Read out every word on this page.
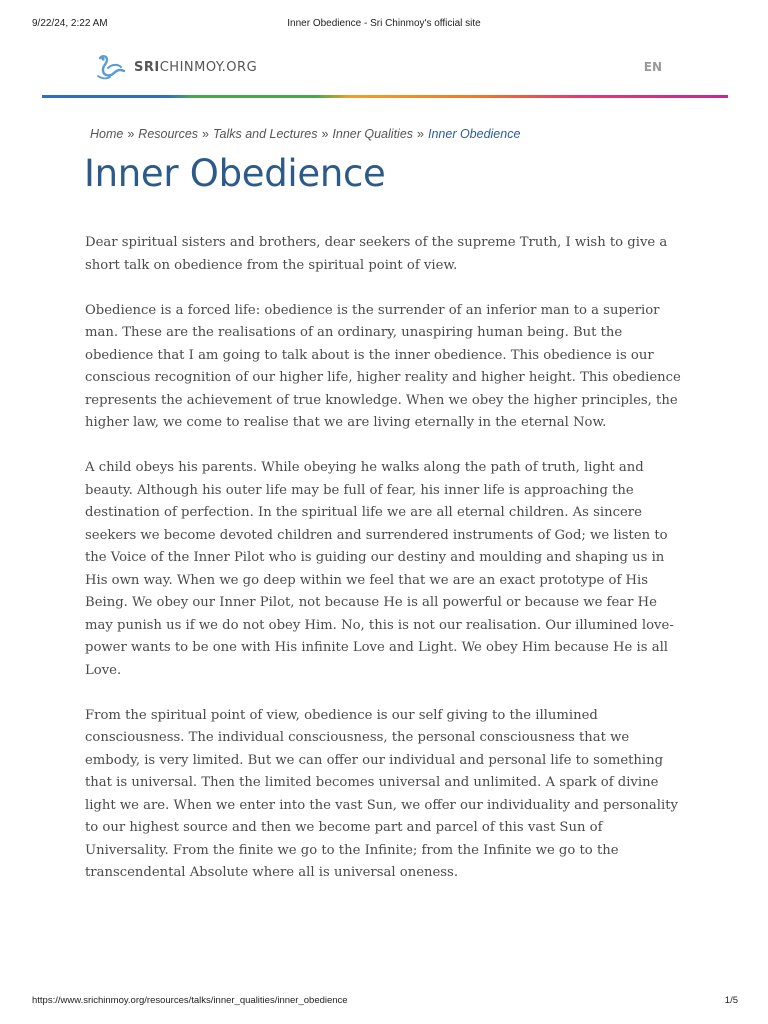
9/22/24, 2:22 AM	Inner Obedience - Sri Chinmoy's official site
SRICHINMOY.ORG	EN
Home » Resources » Talks and Lectures » Inner Qualities » Inner Obedience
Inner Obedience

Dear spiritual sisters and brothers, dear seekers of the supreme Truth, I wish to give a short talk on obedience from the spiritual point of view.

Obedience is a forced life: obedience is the surrender of an inferior man to a superior man. These are the realisations of an ordinary, unaspiring human being. But the obedience that I am going to talk about is the inner obedience. This obedience is our conscious recognition of our higher life, higher reality and higher height. This obedience represents the achievement of true knowledge. When we obey the higher principles, the higher law, we come to realise that we are living eternally in the eternal Now.

A child obeys his parents. While obeying he walks along the path of truth, light and beauty. Although his outer life may be full of fear, his inner life is approaching the destination of perfection. In the spiritual life we are all eternal children. As sincere seekers we become devoted children and surrendered instruments of God; we listen to the Voice of the Inner Pilot who is guiding our destiny and moulding and shaping us in His own way. When we go deep within we feel that we are an exact prototype of His Being. We obey our Inner Pilot, not because He is all powerful or because we fear He may punish us if we do not obey Him. No, this is not our realisation. Our illumined love-power wants to be one with His infinite Love and Light. We obey Him because He is all Love.

From the spiritual point of view, obedience is our self giving to the illumined consciousness. The individual consciousness, the personal consciousness that we embody, is very limited. But we can offer our individual and personal life to something that is universal. Then the limited becomes universal and unlimited. A spark of divine light we are. When we enter into the vast Sun, we offer our individuality and personality to our highest source and then we become part and parcel of this vast Sun of Universality. From the finite we go to the Infinite; from the Infinite we go to the transcendental Absolute where all is universal oneness.

https://www.srichinmoy.org/resources/talks/inner_qualities/inner_obedience	1/5
